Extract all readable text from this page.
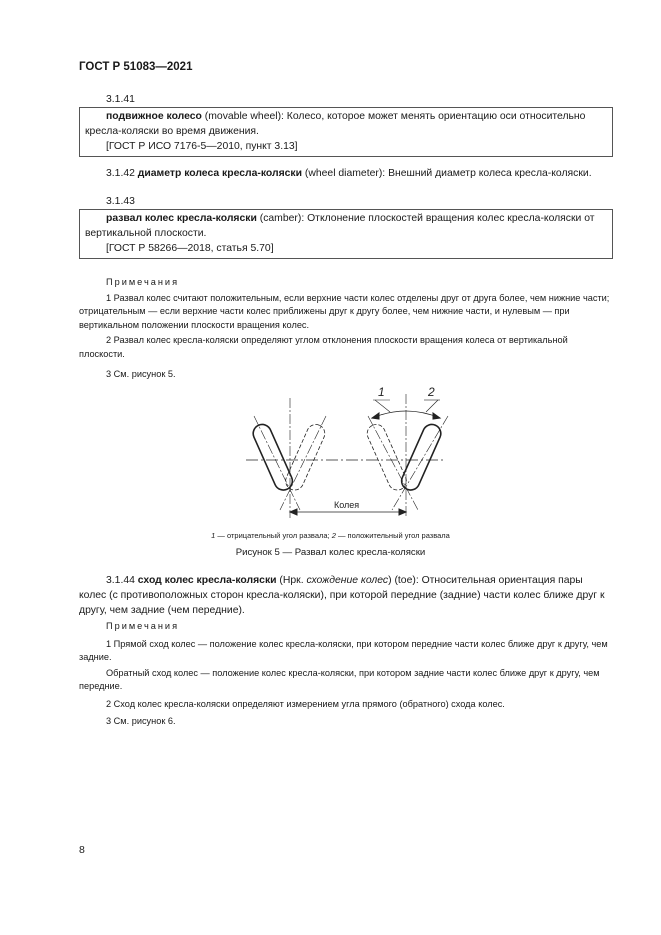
ГОСТ Р 51083—2021
3.1.41

подвижное колесо (movable wheel): Колесо, которое может менять ориентацию оси относительно кресла-коляски во время движения.

[ГОСТ Р ИСО 7176-5—2010, пункт 3.13]

3.1.42 диаметр колеса кресла-коляски (wheel diameter): Внешний диаметр колеса кресла-коляски.
3.1.43

развал колес кресла-коляски (camber): Отклонение плоскостей вращения колес кресла-коляски от вертикальной плоскости.

[ГОСТ Р 58266—2018, статья 5.70]

Примечания

1 Развал колес считают положительным, если верхние части колес отделены друг от друга более, чем нижние части; отрицательным — если верхние части колес приближены друг к другу более, чем нижние части, и нулевым — при вертикальном положении плоскости вращения колес.

2 Развал колес кресла-коляски определяют углом отклонения плоскости вращения колеса от вертикальной плоскости.

3 См. рисунок 5.

1	2
Колея
1 — отрицательный угол развала; 2 — положительный угол развала
Рисунок 5 — Развал колес кресла-коляски
3.1.44 сход колес кресла-коляски (Нрк. схождение колес) (toe): Относительная ориентация пары колес (с противоположных сторон кресла-коляски), при которой передние (задние) части колес ближе друг к другу, чем задние (чем передние).

Примечания

1 Прямой сход колес — положение колес кресла-коляски, при котором передние части колес ближе друг к другу, чем задние.

Обратный сход колес — положение колес кресла-коляски, при котором задние части колес ближе друг к другу, чем передние.

2 Сход колес кресла-коляски определяют измерением угла прямого (обратного) схода колес.

3 См. рисунок 6.

8
